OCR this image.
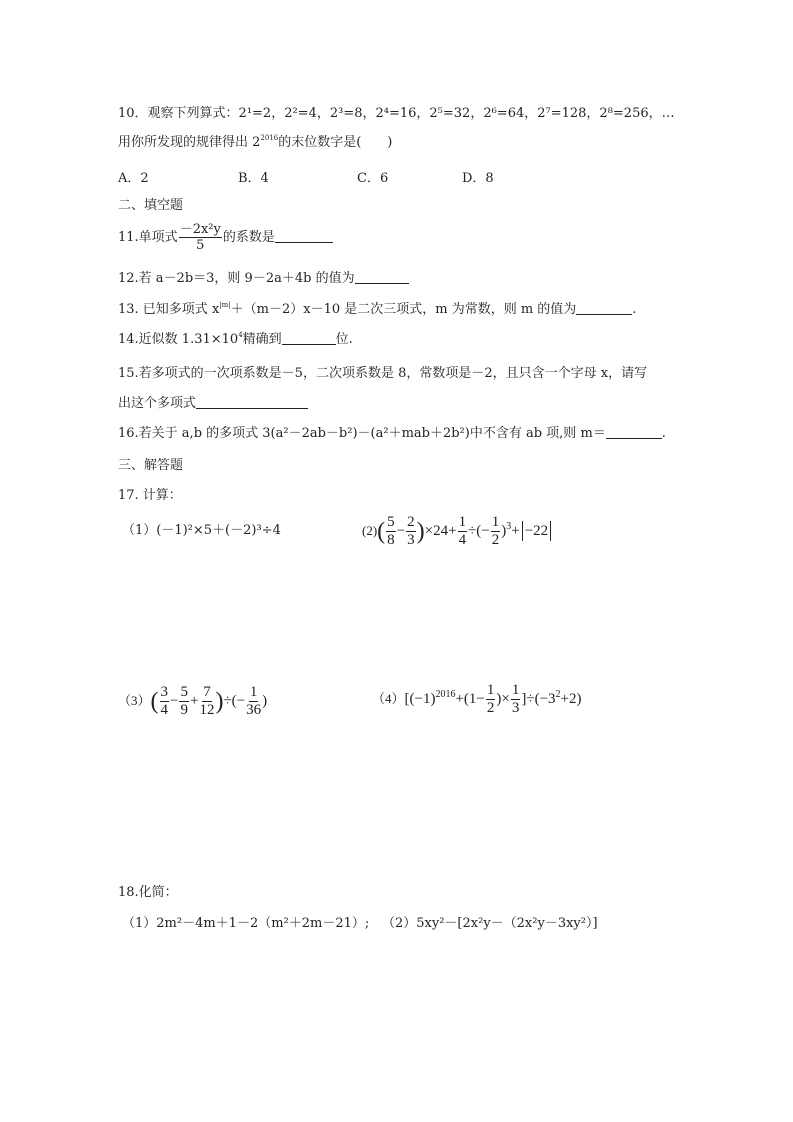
10．观察下列算式：2¹=2，2²=4，2³=8，2⁴=16，2⁵=32，2⁶=64，2⁷=128，2⁸=256，…
用你所发现的规律得出 $2^{2016}$的末位数字是(　　)
A．2	B．4	C．6	D．8
二、填空题
11.单项式 $\frac{\text{－2x²y}}{5}$ 的系数是
12.若 a－2b＝3，则 9－2a＋4b 的值为
13. 已知多项式 $x^{|m|}+(m-2)x-10$ 是二次三项式，m 为常数，则 m 的值为	.
14.近似数 $1.31\times 10^4$精确到	位.
15.若多项式的一次项系数是－5，二次项系数是 8，常数项是－2，且只含一个字母 x，请写
出这个多项式
16.若关于 a,b 的多项式 3(a²－2ab－b²)－(a²＋mab＋2b²)中不含有 ab 项,则 m＝	.
三、解答题
17. 计算：
（1）(－1)²×5＋(－2)³÷4	$(2)( \frac{5}{8} - \frac{2}{3} )\times 24+ \frac{1}{4}$ ÷(− $\frac{1}{2} )^3+ -22$
$(3)( \frac{3}{4} - \frac{5}{9} + \frac{7}{12}$ )÷(− $\frac{1}{36}$ )	$(4)[(-1)^{2016}+(1- \frac{1}{2}$ )× $\frac{1}{3} ]\div(-3^2+2)$
18.化简：
（1）2m²－4m＋1－2（m²＋2m－21）; （2）5xy²－[2x²y－（2x²y－3xy²）]
